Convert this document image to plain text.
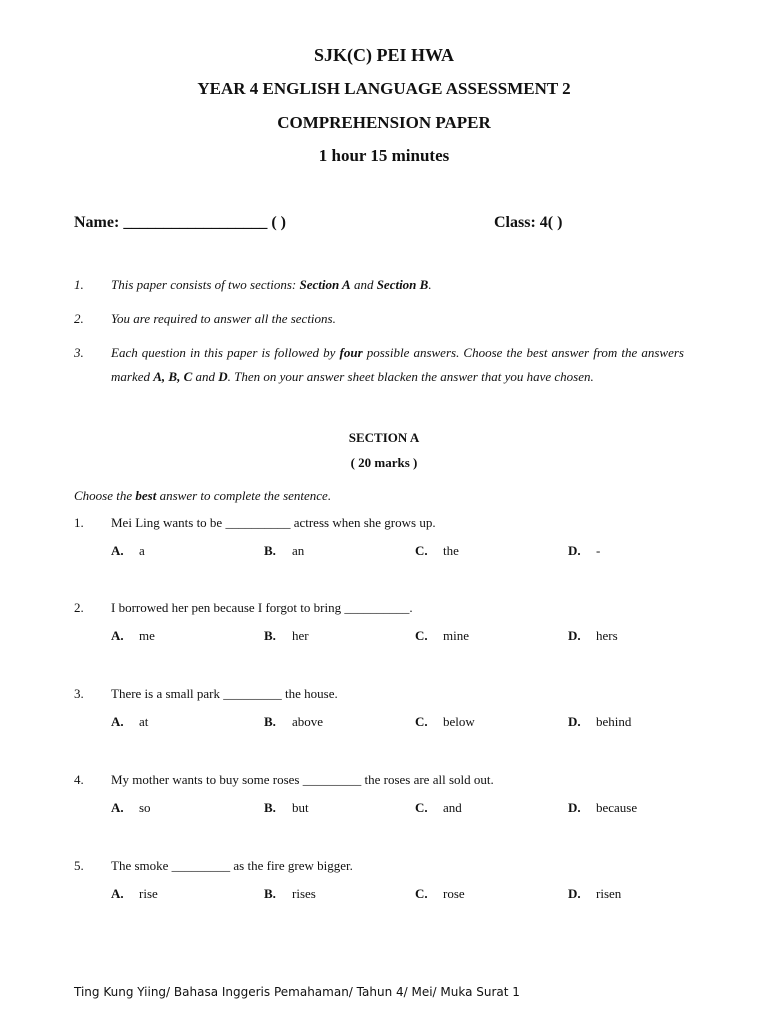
SJK(C) PEI HWA
YEAR 4 ENGLISH LANGUAGE ASSESSMENT 2
COMPREHENSION PAPER
1 hour 15 minutes
Name: __________________ ( )	Class: 4( )
1.	This paper consists of two sections: Section A and Section B.
2.	You are required to answer all the sections.
3.	Each question in this paper is followed by four possible answers. Choose the best answer from the answers marked A, B, C and D. Then on your answer sheet blacken the answer that you have chosen.
SECTION A
( 20 marks )
Choose the best answer to complete the sentence.
1. Mei Ling wants to be __________ actress when she grows up.
A. a	B. an	C. the	D. -
2. I borrowed her pen because I forgot to bring __________.
A. me	B. her	C. mine	D. hers
3. There is a small park _________ the house.
A. at	B. above	C. below	D. behind
4. My mother wants to buy some roses _________ the roses are all sold out.
A. so	B. but	C. and	D. because
5. The smoke _________ as the fire grew bigger.
A. rise	B. rises	C. rose	D. risen
Ting Kung Yiing/ Bahasa Inggeris Pemahaman/ Tahun 4/ Mei/ Muka Surat 1
